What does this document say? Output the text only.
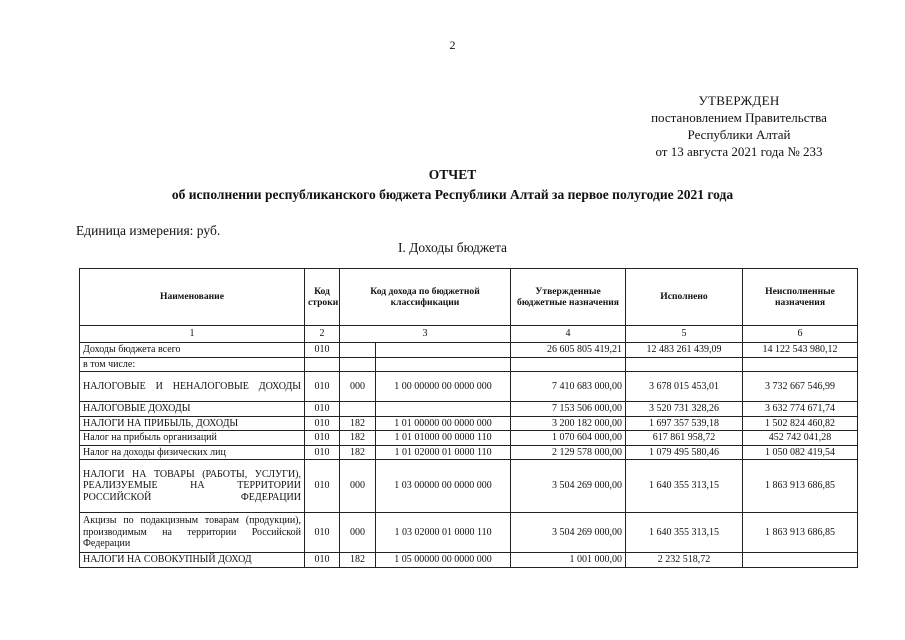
2
УТВЕРЖДЕН
постановлением Правительства
Республики Алтай
от 13 августа 2021 года № 233
ОТЧЕТ
об исполнении республиканского бюджета Республики Алтай за первое полугодие 2021 года
Единица измерения: руб.
I. Доходы бюджета
Наименование	Код строки	Код дохода по бюджетной классификации		Утвержденные бюджетные назначения	Исполнено	Неисполненные назначения
1	2	3		4	5	6
Доходы бюджета всего	010			26 605 805 419,21	12 483 261 439,09	14 122 543 980,12
в том числе:						
НАЛОГОВЫЕ И НЕНАЛОГОВЫЕ ДОХОДЫ	010	000	1 00 00000 00 0000 000	7 410 683 000,00	3 678 015 453,01	3 732 667 546,99
НАЛОГОВЫЕ ДОХОДЫ	010			7 153 506 000,00	3 520 731 328,26	3 632 774 671,74
НАЛОГИ НА ПРИБЫЛЬ, ДОХОДЫ	010	182	1 01 00000 00 0000 000	3 200 182 000,00	1 697 357 539,18	1 502 824 460,82
Налог на прибыль организаций	010	182	1 01 01000 00 0000 110	1 070 604 000,00	617 861 958,72	452 742 041,28
Налог на доходы физических лиц	010	182	1 01 02000 01 0000 110	2 129 578 000,00	1 079 495 580,46	1 050 082 419,54
НАЛОГИ НА ТОВАРЫ (РАБОТЫ, УСЛУГИ), РЕАЛИЗУЕМЫЕ НА ТЕРРИТОРИИ РОССИЙСКОЙ ФЕДЕРАЦИИ	010	000	1 03 00000 00 0000 000	3 504 269 000,00	1 640 355 313,15	1 863 913 686,85
Акцизы по подакцизным товарам (продукции), производимым на территории Российской Федерации	010	000	1 03 02000 01 0000 110	3 504 269 000,00	1 640 355 313,15	1 863 913 686,85
НАЛОГИ НА СОВОКУПНЫЙ ДОХОД	010	182	1 05 00000 00 0000 000	1 001 000,00	2 232 518,72	
